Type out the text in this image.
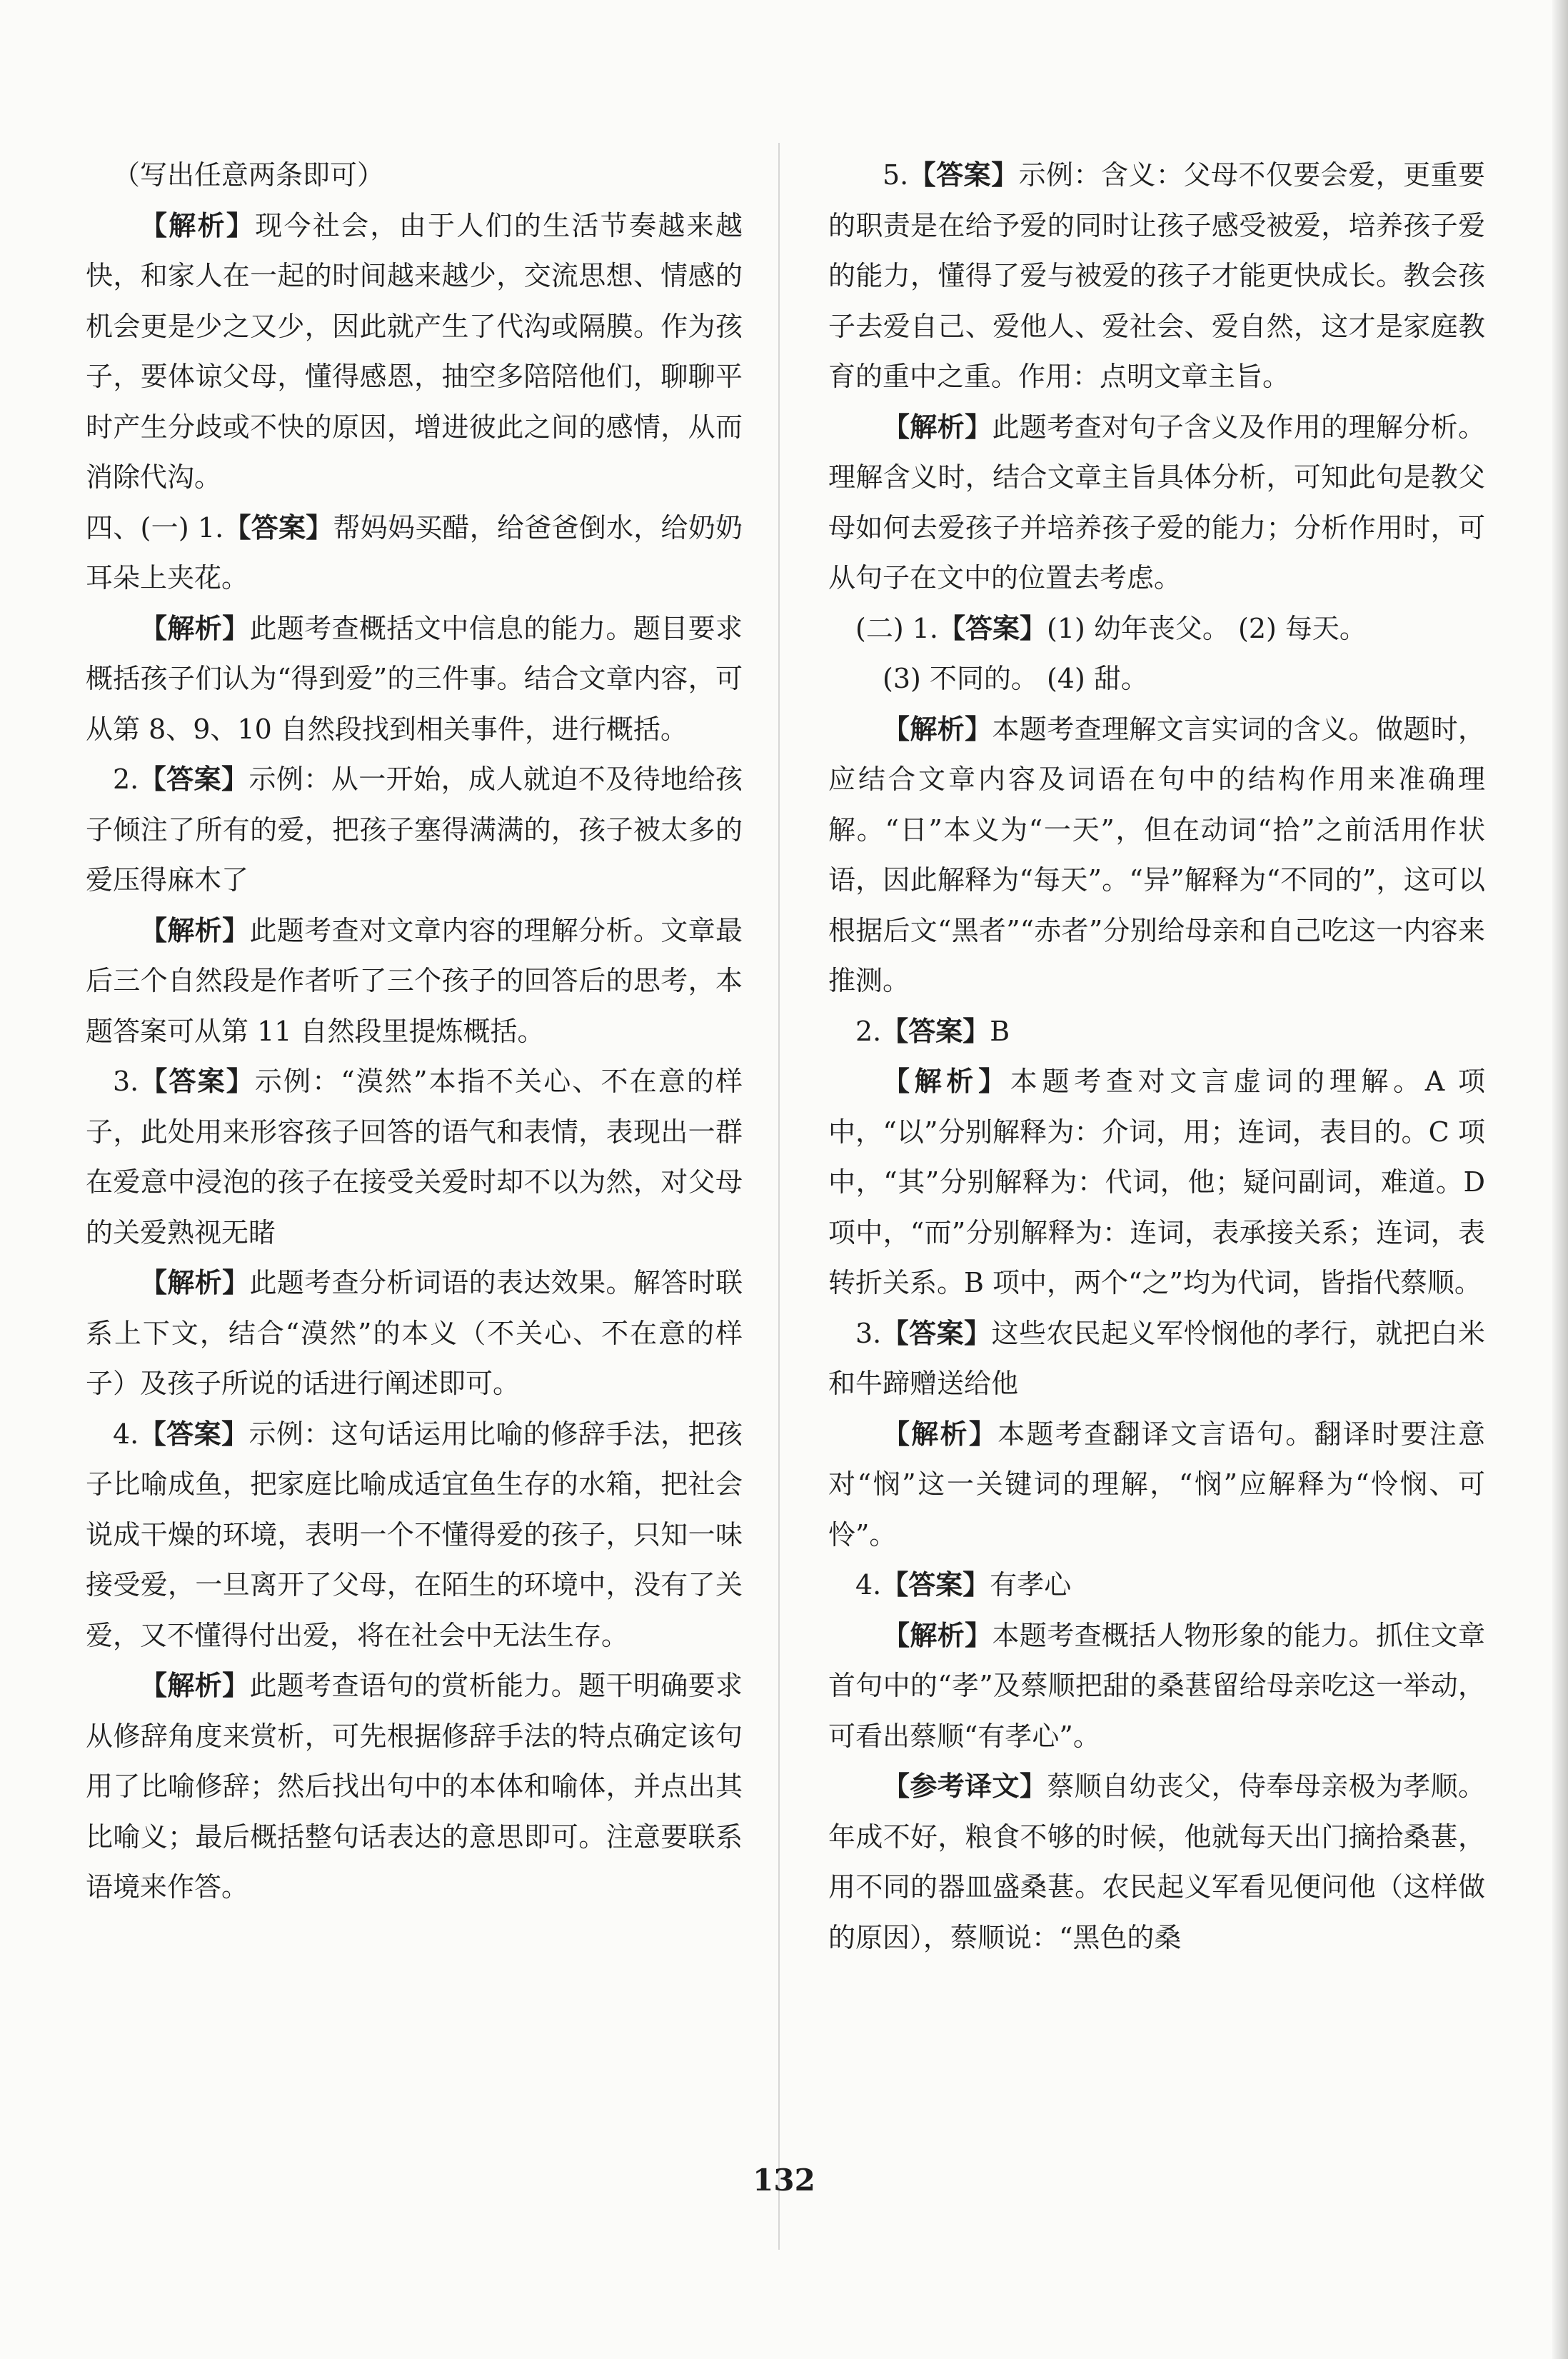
（写出任意两条即可）

【解析】现今社会，由于人们的生活节奏越来越快，和家人在一起的时间越来越少，交流思想、情感的机会更是少之又少，因此就产生了代沟或隔膜。作为孩子，要体谅父母，懂得感恩，抽空多陪陪他们，聊聊平时产生分歧或不快的原因，增进彼此之间的感情，从而消除代沟。

四、(一) 1.【答案】帮妈妈买醋，给爸爸倒水，给奶奶耳朵上夹花。

【解析】此题考查概括文中信息的能力。题目要求概括孩子们认为“得到爱”的三件事。结合文章内容，可从第 8、9、10 自然段找到相关事件，进行概括。

2.【答案】示例：从一开始，成人就迫不及待地给孩子倾注了所有的爱，把孩子塞得满满的，孩子被太多的爱压得麻木了

【解析】此题考查对文章内容的理解分析。文章最后三个自然段是作者听了三个孩子的回答后的思考，本题答案可从第 11 自然段里提炼概括。

3.【答案】示例：“漠然”本指不关心、不在意的样子，此处用来形容孩子回答的语气和表情，表现出一群在爱意中浸泡的孩子在接受关爱时却不以为然，对父母的关爱熟视无睹

【解析】此题考查分析词语的表达效果。解答时联系上下文，结合“漠然”的本义（不关心、不在意的样子）及孩子所说的话进行阐述即可。

4.【答案】示例：这句话运用比喻的修辞手法，把孩子比喻成鱼，把家庭比喻成适宜鱼生存的水箱，把社会说成干燥的环境，表明一个不懂得爱的孩子，只知一味接受爱，一旦离开了父母，在陌生的环境中，没有了关爱，又不懂得付出爱，将在社会中无法生存。

【解析】此题考查语句的赏析能力。题干明确要求从修辞角度来赏析，可先根据修辞手法的特点确定该句用了比喻修辞；然后找出句中的本体和喻体，并点出其比喻义；最后概括整句话表达的意思即可。注意要联系语境来作答。

5.【答案】示例：含义：父母不仅要会爱，更重要的职责是在给予爱的同时让孩子感受被爱，培养孩子爱的能力，懂得了爱与被爱的孩子才能更快成长。教会孩子去爱自己、爱他人、爱社会、爱自然，这才是家庭教育的重中之重。作用：点明文章主旨。

【解析】此题考查对句子含义及作用的理解分析。理解含义时，结合文章主旨具体分析，可知此句是教父母如何去爱孩子并培养孩子爱的能力；分析作用时，可从句子在文中的位置去考虑。

(二) 1.【答案】(1) 幼年丧父。 (2) 每天。

(3) 不同的。 (4) 甜。

【解析】本题考查理解文言实词的含义。做题时，应结合文章内容及词语在句中的结构作用来准确理解。“日”本义为“一天”，但在动词“拾”之前活用作状语，因此解释为“每天”。“异”解释为“不同的”，这可以根据后文“黑者”“赤者”分别给母亲和自己吃这一内容来推测。

2.【答案】B

【解析】本题考查对文言虚词的理解。A 项中，“以”分别解释为：介词，用；连词，表目的。C 项中，“其”分别解释为：代词，他；疑问副词，难道。D 项中，“而”分别解释为：连词，表承接关系；连词，表转折关系。B 项中，两个“之”均为代词，皆指代蔡顺。

3.【答案】这些农民起义军怜悯他的孝行，就把白米和牛蹄赠送给他

【解析】本题考查翻译文言语句。翻译时要注意对“悯”这一关键词的理解，“悯”应解释为“怜悯、可怜”。

4.【答案】有孝心

【解析】本题考查概括人物形象的能力。抓住文章首句中的“孝”及蔡顺把甜的桑葚留给母亲吃这一举动，可看出蔡顺“有孝心”。

【参考译文】蔡顺自幼丧父，侍奉母亲极为孝顺。年成不好，粮食不够的时候，他就每天出门摘拾桑葚，用不同的器皿盛桑葚。农民起义军看见便问他（这样做的原因），蔡顺说：“黑色的桑

132
